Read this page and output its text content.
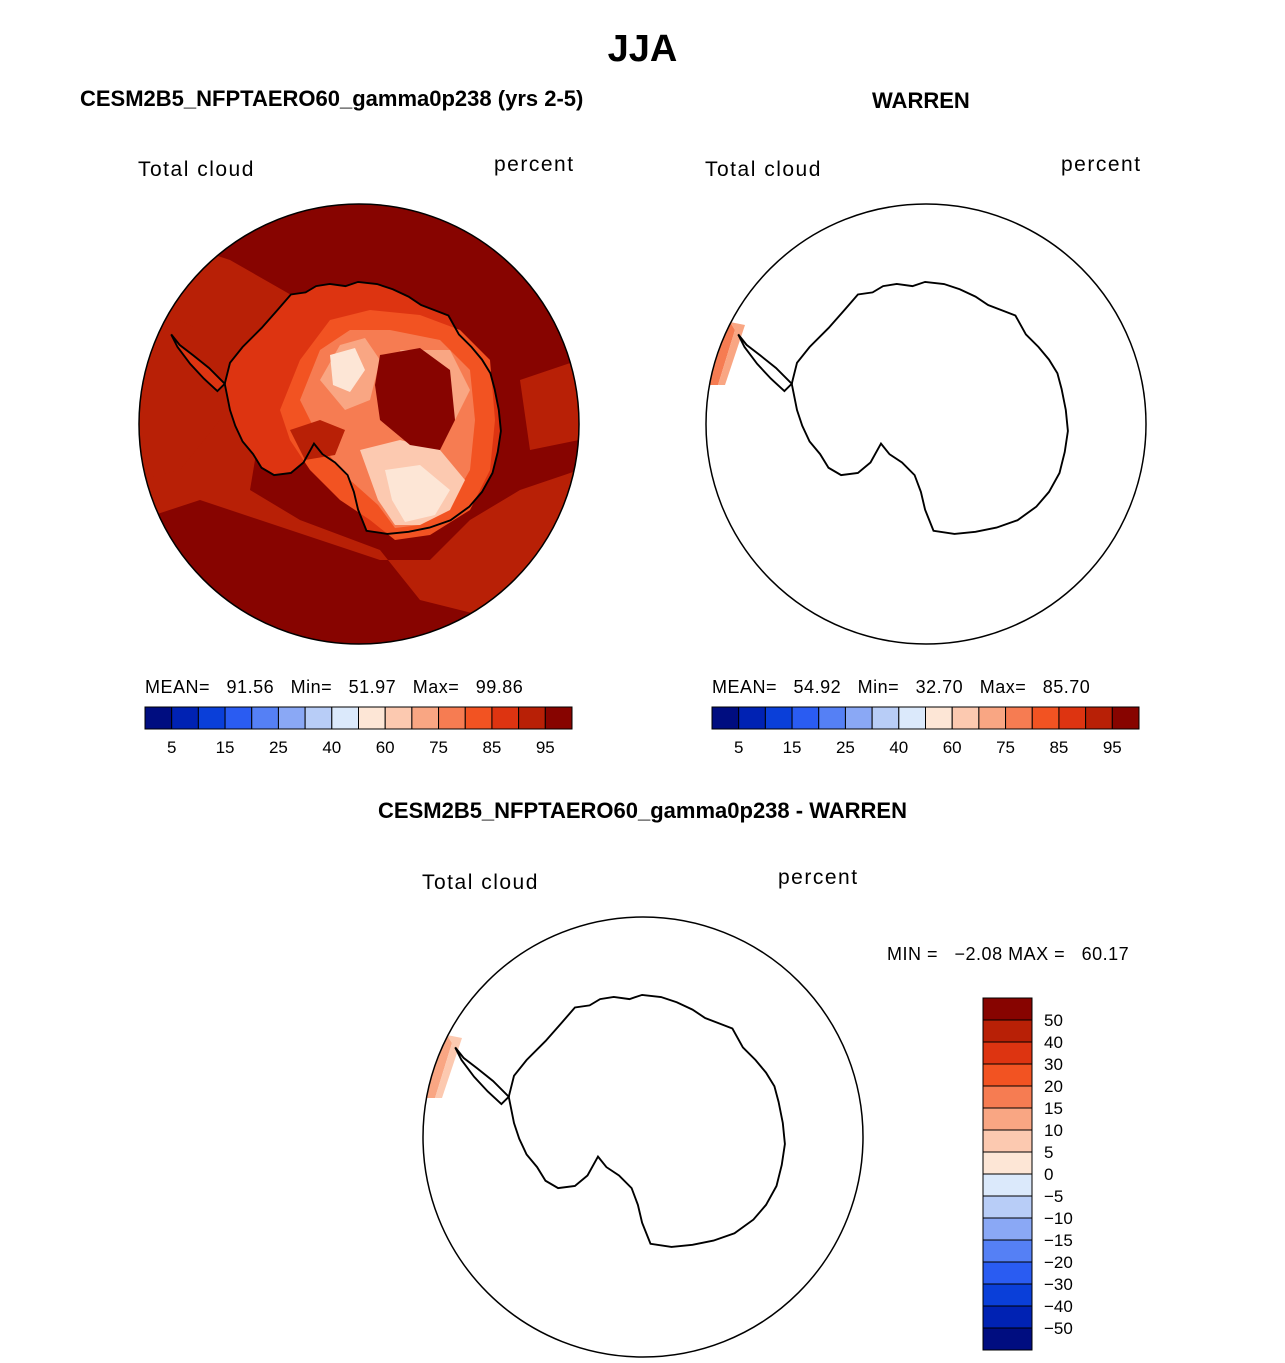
JJA
CESM2B5_NFPTAERO60_gamma0p238 (yrs 2-5)	WARREN
CESM2B5_NFPTAERO60_gamma0p238 - WARREN
Total cloud	percent	Total cloud	percent
Total cloud	percent
MEAN= 91.56 Min= 51.97 Max= 99.86	MEAN= 54.92 Min= 32.70 Max= 85.70
MIN = −2.08 MAX = 60.17
5 15 25 40 60 75 85 95	5 15 25 40 60 75 85 95
50
40
30
20
15
10
5
0
−5
−10
−15
−20
−30
−40
−50
